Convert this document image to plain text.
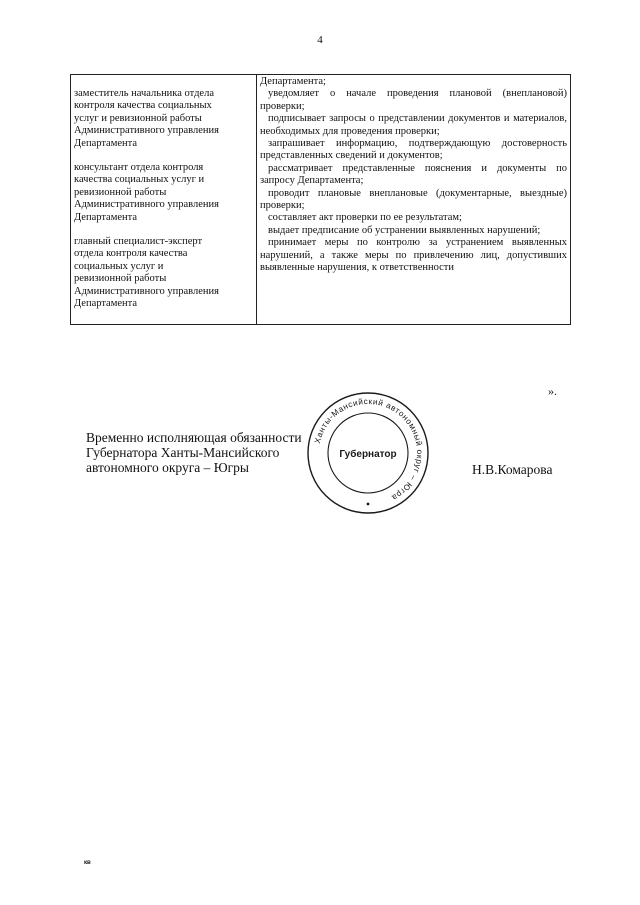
4
заместитель начальника отдела
контроля качества социальных
услуг и ревизионной работы
Административного управления
Департамента
консультант отдела контроля
качества социальных услуг и
ревизионной работы
Административного управления
Департамента
главный специалист-эксперт
отдела контроля качества
социальных услуг и
ревизионной работы
Административного управления
Департамента

Департамента;
уведомляет о начале проведения плановой (внеплановой) проверки;
подписывает запросы о представлении документов и материалов, необходимых для проведения проверки;
запрашивает информацию, подтверждающую достоверность представленных сведений и документов;
рассматривает представленные пояснения и документы по запросу Департамента;
проводит плановые внеплановые (документарные, выездные) проверки;
составляет акт проверки по ее результатам;
выдает предписание об устранении выявленных нарушений;
принимает меры по контролю за устранением выявленных нарушений, а также меры по привлечению лиц, допустивших выявленные нарушения, к ответственности
».
Временно исполняющая обязанности
Губернатора Ханты-Мансийского
автономного округа – Югры
Ханты-Мансийский автономный округ – Югра
Губернатор
Н.В.Комарова
кв
